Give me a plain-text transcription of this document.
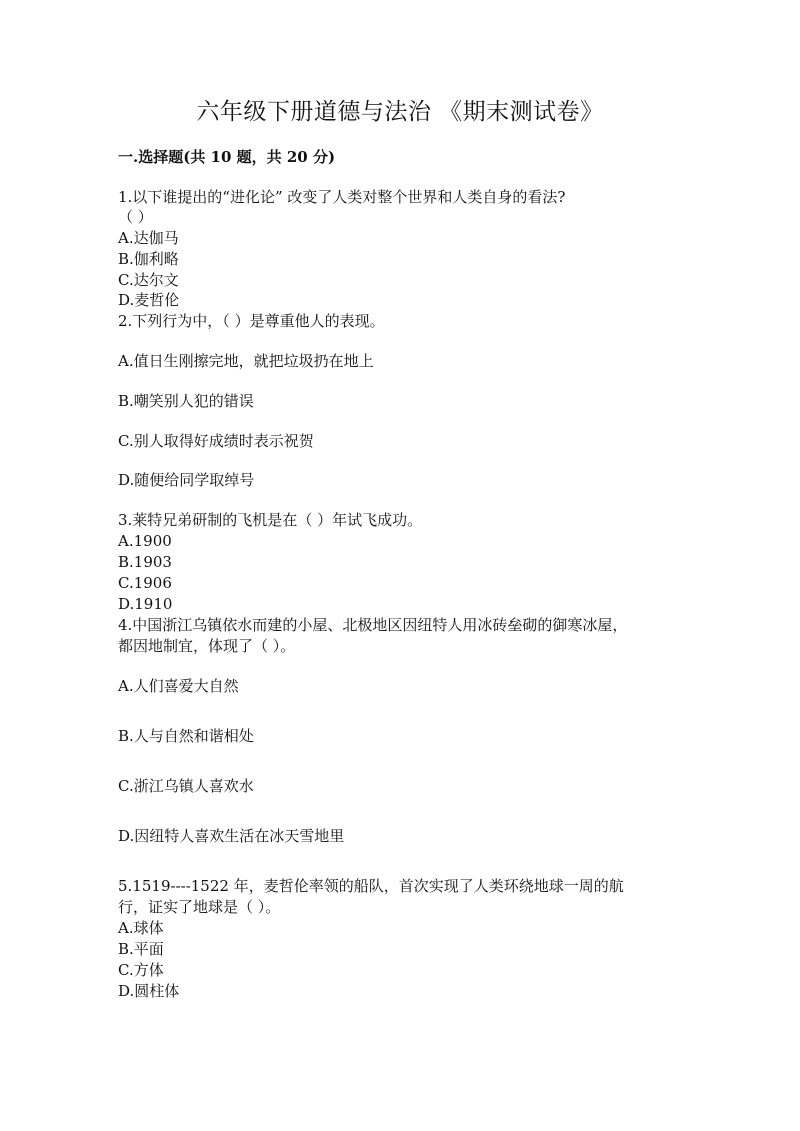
六年级下册道德与法治 《期末测试卷》
一.选择题(共 10 题，共 20 分)
1.以下谁提出的“进化论” 改变了人类对整个世界和人类自身的看法?
（ ）
A.达伽马
B.伽利略
C.达尔文
D.麦哲伦
2.下列行为中，（ ）是尊重他人的表现。
A.值日生刚擦完地，就把垃圾扔在地上
B.嘲笑别人犯的错误
C.别人取得好成绩时表示祝贺
D.随便给同学取绰号
3.莱特兄弟研制的飞机是在（ ）年试飞成功。
A.1900
B.1903
C.1906
D.1910
4.中国浙江乌镇依水而建的小屋、北极地区因纽特人用冰砖垒砌的御寒冰屋，
都因地制宜，体现了（ ）。
A.人们喜爱大自然
B.人与自然和谐相处
C.浙江乌镇人喜欢水
D.因纽特人喜欢生活在冰天雪地里
5.1519----1522 年，麦哲伦率领的船队，首次实现了人类环绕地球一周的航
行，证实了地球是（ ）。
A.球体
B.平面
C.方体
D.圆柱体
